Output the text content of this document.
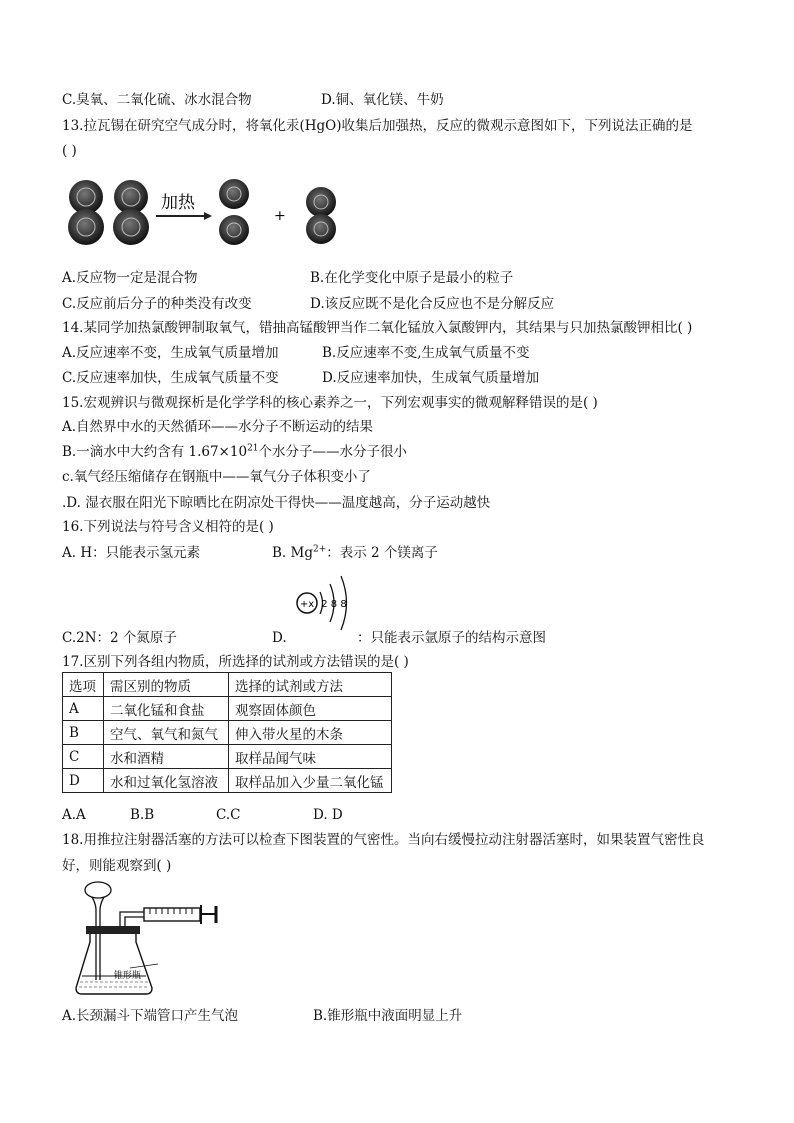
C.臭氧、二氧化硫、冰水混合物	D.铜、氧化镁、牛奶
13.拉瓦锡在研究空气成分时，将氧化汞(HgO)收集后加强热，反应的微观示意图如下，下列说法正确的是
( )
加热
+
A.反应物一定是混合物	B.在化学变化中原子是最小的粒子
C.反应前后分子的种类没有改变	D.该反应既不是化合反应也不是分解反应
14.某同学加热氯酸钾制取氧气，错抽高锰酸钾当作二氧化锰放入氯酸钾内，其结果与只加热氯酸钾相比( )
A.反应速率不变，生成氧气质量增加	B.反应速率不变,生成氧气质量不变
C.反应速率加快，生成氧气质量不变	D.反应速率加快，生成氧气质量增加
15.宏观辨识与微观探析是化学学科的核心素养之一，下列宏观事实的微观解释错误的是( )
A.自然界中水的天然循环——水分子不断运动的结果
B.一滴水中大约含有 $1.67\times 10^{21}$个水分子——水分子很小
c.氧气经压缩储存在钢瓶中——氧气分子体积变小了
.D. 湿衣服在阳光下晾晒比在阴凉处干得快——温度越高，分子运动越快
16.下列说法与符号含义相符的是( )
A. H：只能表示氢元素	B. $Mg^{2+}$：表示 2 个镁离子
+x 2 8 8
C.2N：2 个氮原子	D.	：只能表示氩原子的结构示意图
17.区别下列各组内物质，所选择的试剂或方法错误的是( )
选项	需区别的物质	选择的试剂或方法
A	二氧化锰和食盐	观察固体颜色
B	空气、氧气和氮气	伸入带火星的木条
C	水和酒精	取样品闻气味
D	水和过氧化氢溶液	取样品加入少量二氧化锰
A.A	B.B	C.C	D. D
18.用推拉注射器活塞的方法可以检查下图装置的气密性。当向右缓慢拉动注射器活塞时，如果装置气密性良
好，则能观察到( )
锥形瓶
A.长颈漏斗下端管口产生气泡	B.锥形瓶中液面明显上升
